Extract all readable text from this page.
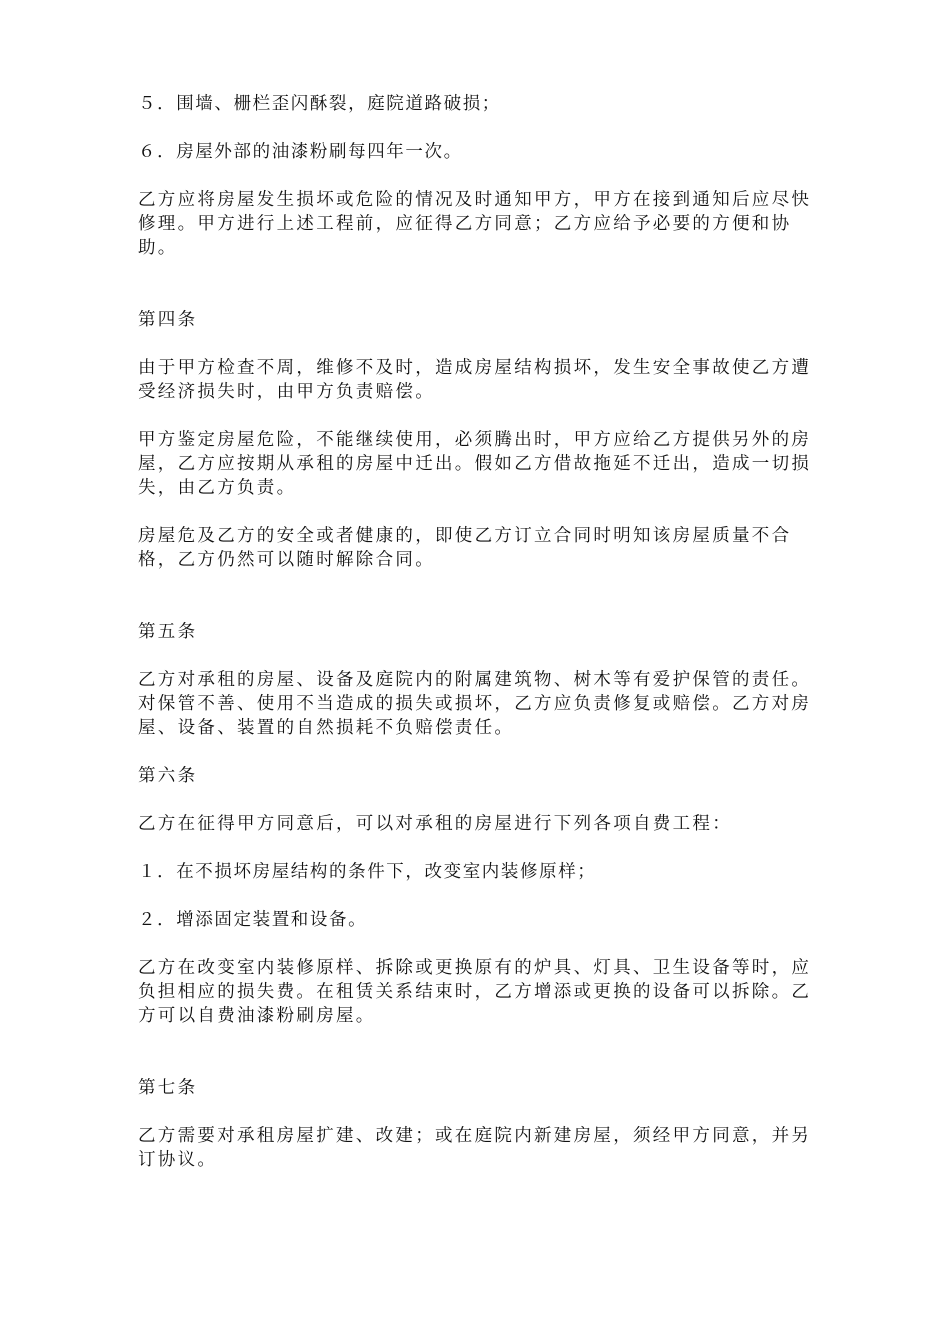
５．围墙、栅栏歪闪酥裂，庭院道路破损；

６．房屋外部的油漆粉刷每四年一次。

乙方应将房屋发生损坏或危险的情况及时通知甲方，甲方在接到通知后应尽快修理。甲方进行上述工程前，应征得乙方同意；乙方应给予必要的方便和协助。

第四条

由于甲方检查不周，维修不及时，造成房屋结构损坏，发生安全事故使乙方遭受经济损失时，由甲方负责赔偿。

甲方鉴定房屋危险，不能继续使用，必须腾出时，甲方应给乙方提供另外的房屋，乙方应按期从承租的房屋中迁出。假如乙方借故拖延不迁出，造成一切损失，由乙方负责。

房屋危及乙方的安全或者健康的，即使乙方订立合同时明知该房屋质量不合格，乙方仍然可以随时解除合同。

第五条

乙方对承租的房屋、设备及庭院内的附属建筑物、树木等有爱护保管的责任。对保管不善、使用不当造成的损失或损坏，乙方应负责修复或赔偿。乙方对房屋、设备、装置的自然损耗不负赔偿责任。

第六条

乙方在征得甲方同意后，可以对承租的房屋进行下列各项自费工程：

１．在不损坏房屋结构的条件下，改变室内装修原样；

２．增添固定装置和设备。

乙方在改变室内装修原样、拆除或更换原有的炉具、灯具、卫生设备等时，应负担相应的损失费。在租赁关系结束时，乙方增添或更换的设备可以拆除。乙方可以自费油漆粉刷房屋。

第七条

乙方需要对承租房屋扩建、改建；或在庭院内新建房屋，须经甲方同意，并另订协议。
